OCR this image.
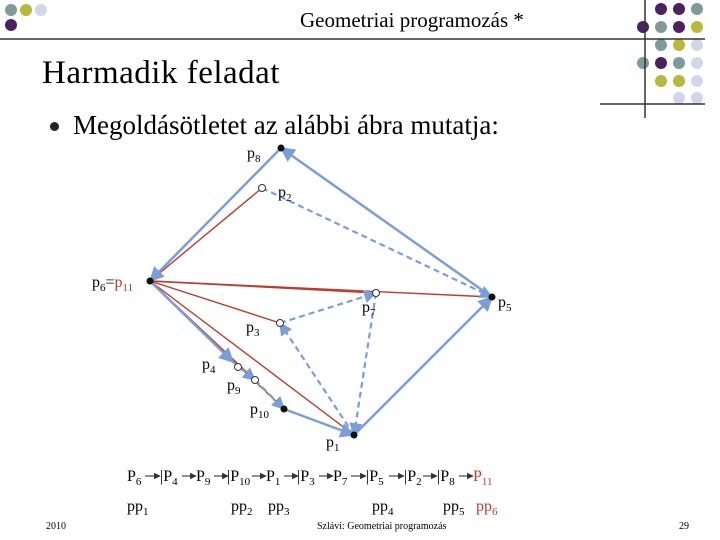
$p_8$
$p_2$
$p_6=p_{11}$
$p_7$
$p_5$
$p_3$
$p_4$
$p_9$
$p_{10}$
$p_1$
$P_6$ $|P_4$ $P_9$ $|P_{10}$ $P_1$ $|P_3$ $P_7$ $|P_5$ $|P_2$ $|P_8$ $P_{11}$
$pp_1$	$pp_2$ $pp_3$	$pp_4$	$pp_5$ $pp_6$
Geometriai programozás *
Harmadik feladat
Megoldásötletet az alábbi ábra mutatja:
2010	Szlávi: Geometriai programozás	29
